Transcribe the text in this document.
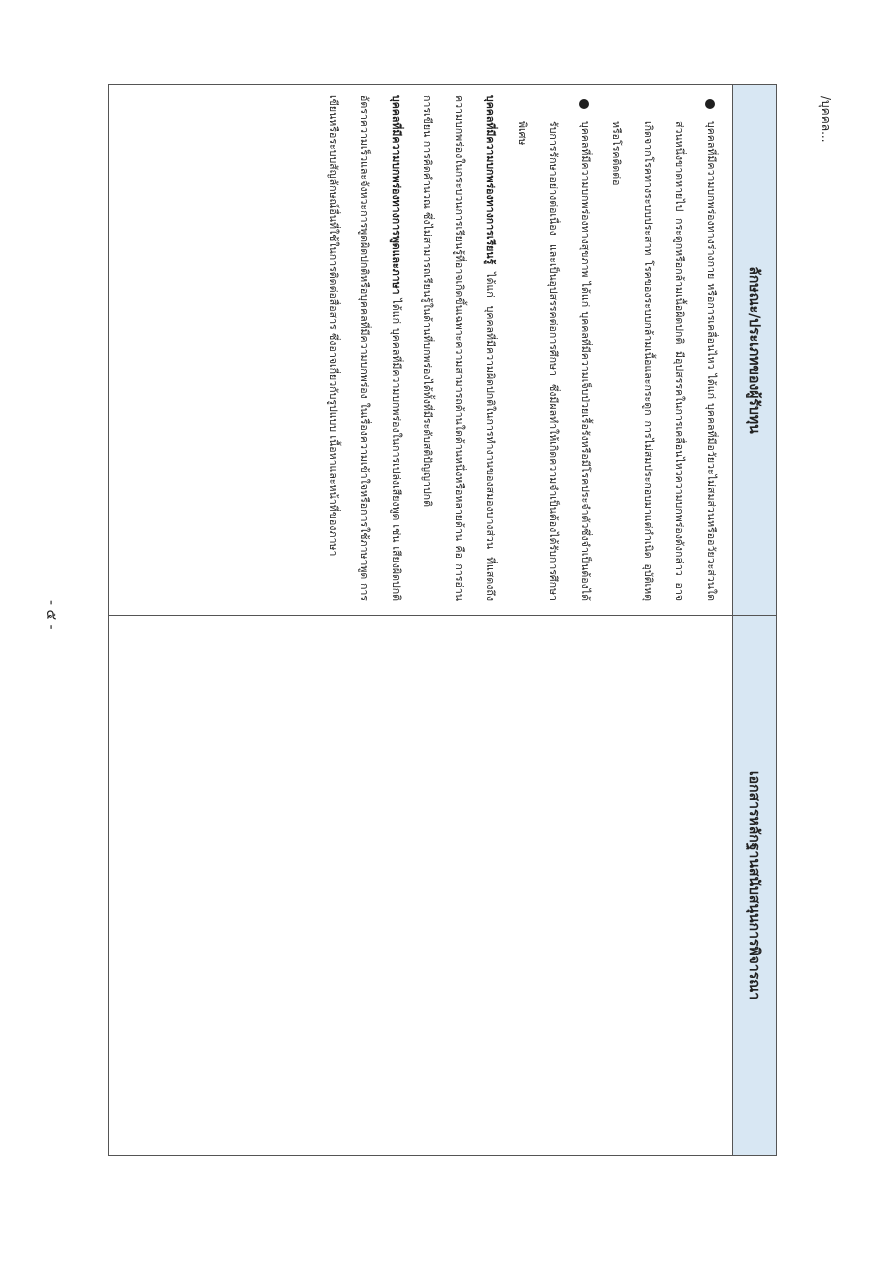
- ๕ -
/บุคคล...
ลักษณะ/ประเภทของผู้รับทุน
เอกสารหลักฐานสนับสนุนการพิจารณา
บุคคลที่มีความบกพร่องทางร่างกาย หรือการเคลื่อนไหว ได้แก่ บุคคลที่มีอวัยวะไม่สมส่วนหรืออวัยวะส่วนใดส่วนหนึ่งขาดหายไป กระดูกหรือกล้ามเนื้อผิดปกติ มีอุปสรรคในการเคลื่อนไหวความบกพร่องดังกล่าว อาจเกิดจากโรคทางระบบประสาท โรคของระบบกล้ามเนื้อและกระดูก การไม่สมประกอบมาแต่กำเนิด อุบัติเหตุหรือโรคติดต่อ
บุคคลที่มีความบกพร่องทางสุขภาพ ได้แก่ บุคคลที่มีความเจ็บป่วยเรื้อรังหรือมีโรคประจำตัวซึ่งจำเป็นต้องได้รับการรักษาอย่างต่อเนื่อง และเป็นอุปสรรคต่อการศึกษา ซึ่งมีผลทำให้เกิดความจำเป็นต้องได้รับการศึกษาพิเศษ
บุคคลที่มีความบกพร่องทางการเรียนรู้ ได้แก่ บุคคลที่มีความผิดปกติในการทำงานของสมองบางส่วน ที่แสดงถึงความบกพร่องในกระบวนการเรียนรู้ที่อาจเกิดขึ้นเฉพาะความสามารถด้านใดด้านหนึ่งหรือหลายด้าน คือ การอ่าน การเขียน การคิดคำนวณ ซึ่งไม่สามารถเรียนรู้ในด้านที่บกพร่องได้ทั้งที่มีระดับสติปัญญาปกติ
บุคคลที่มีความบกพร่องทางการพูดและภาษา ได้แก่ บุคคลที่มีความบกพร่องในการเปล่งเสียงพูด เช่น เสียงผิดปกติ อัตราความเร็วและจังหวะการพูดผิดปกติหรือบุคคลที่มีความบกพร่อง ในเรื่องความเข้าใจหรือการใช้ภาษาพูด การเขียนหรือระบบสัญลักษณ์อื่นที่ใช้ในการติดต่อสื่อสาร ซึ่งอาจเกี่ยวกับรูปแบบ เนื้อหาและหน้าที่ของภาษา
